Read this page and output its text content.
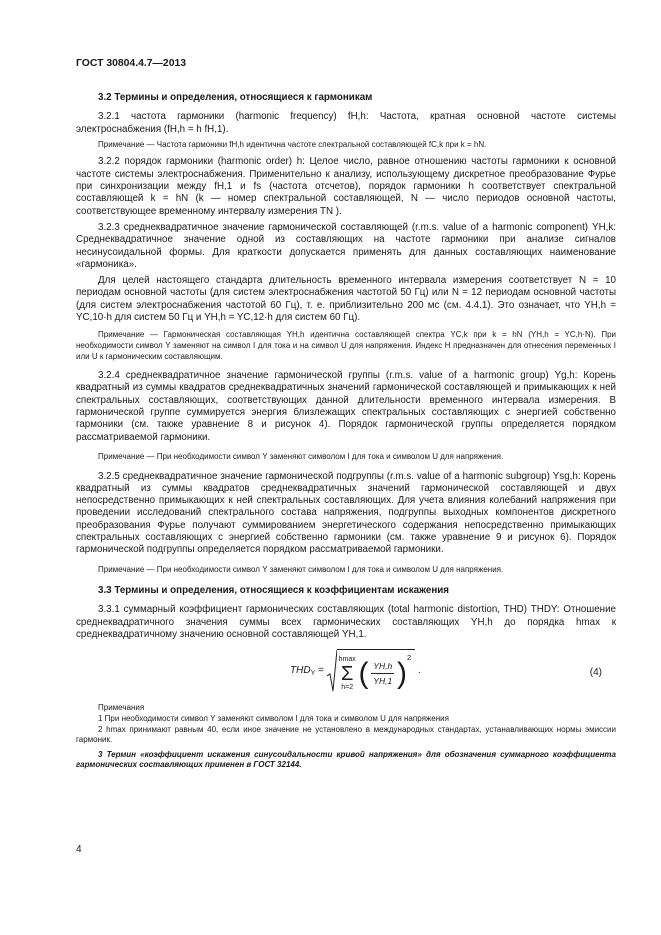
ГОСТ 30804.4.7—2013

3.2 Термины и определения, относящиеся к гармоникам

3.2.1 частота гармоники (harmonic frequency) fH,h: Частота, кратная основной частоте системы электроснабжения (fH,h = h fH,1).

Примечание — Частота гармоники fH,h идентична частоте спектральной составляющей fC,k при k = hN.

3.2.2 порядок гармоники (harmonic order) h: Целое число, равное отношению частоты гармоники к основной частоте системы электроснабжения. Применительно к анализу, использующему дискретное преобразование Фурье при синхронизации между fH,1 и fs (частота отсчетов), порядок гармоники h соответствует спектральной составляющей k = hN (k — номер спектральной составляющей, N — число периодов основной частоты, соответствующее временному интервалу измерения TN ).

3.2.3 среднеквадратичное значение гармонической составляющей (r.m.s. value of a harmonic component) YH,k: Среднеквадратичное значение одной из составляющих на частоте гармоники при анализе сигналов несинусоидальной формы. Для краткости допускается применять для данных составляющих наименование «гармоника».

Для целей настоящего стандарта длительность временного интервала измерения соответствует N = 10 периодам основной частоты (для систем электроснабжения частотой 50 Гц) или N = 12 периодам основной частоты (для систем электроснабжения частотой 60 Гц), т. е. приблизительно 200 мс (см. 4.4.1). Это означает, что YH,h = YC,10·h для систем 50 Гц и YH,h = YC,12·h для систем 60 Гц).

Примечание — Гармоническая составляющая YH,h идентична составляющей спектра YC,k при k = hN (YH,h = YC,h·N). При необходимости символ Y заменяют на символ I для тока и на символ U для напряжения. Индекс H предназначен для отнесения переменных I или U к гармоническим составляющим.

3.2.4 среднеквадратичное значение гармонической группы (r.m.s. value of a harmonic group) Yg,h: Корень квадратный из суммы квадратов среднеквадратичных значений гармонической составляющей и примыкающих к ней спектральных составляющих, соответствующих данной длительности временного интервала измерения. В гармонической группе суммируется энергия близлежащих спектральных составляющих с энергией собственно гармоники (см. также уравнение 8 и рисунок 4). Порядок гармонической группы определяется порядком рассматриваемой гармоники.

Примечание — При необходимости символ Y заменяют символом I для тока и символом U для напряжения.

3.2.5 среднеквадратичное значение гармонической подгруппы (r.m.s. value of a harmonic subgroup) Ysg,h: Корень квадратный из суммы квадратов среднеквадратичных значений гармонической составляющей и двух непосредственно примыкающих к ней спектральных составляющих. Для учета влияния колебаний напряжения при проведении исследований спектрального состава напряжения, подгруппы выходных компонентов дискретного преобразования Фурье получают суммированием энергетического содержания непосредственно примыкающих спектральных составляющих с энергией собственно гармоники (см. также уравнение 9 и рисунок 6). Порядок гармонической подгруппы определяется порядком рассматриваемой гармоники.

Примечание — При необходимости символ Y заменяют символом I для тока и символом U для напряжения.

3.3 Термины и определения, относящиеся к коэффициентам искажения

3.3.1 суммарный коэффициент гармонических составляющих (total harmonic distortion, THD) THDY: Отношение среднеквадратичного значения суммы всех гармонических составляющих YH,h до порядка hmax к среднеквадратичному значению основной составляющей YH,1.

$THD_Y$ =
hmax
Σ
h=2 ( $\frac{YH,h}{YH,1} )^2$ .	(4)

Примечания

1 При необходимости символ Y заменяют символом I для тока и символом U для напряжения

2 hmax принимают равным 40, если иное значение не установлено в международных стандартах, устанавливающих нормы эмиссии гармоник.

3 Термин «коэффициент искажения синусоидальности кривой напряжения» для обозначения суммарного коэффициента гармонических составляющих применен в ГОСТ 32144.

4
